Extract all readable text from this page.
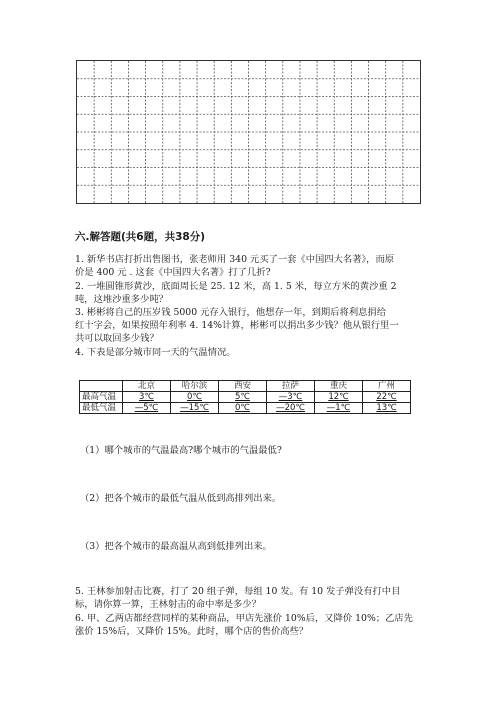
六.解答题(共6题，共38分)
1. 新华书店打折出售图书，张老师用 340 元买了一套《中国四大名著》，而原
价是 400 元 . 这套《中国四大名著》打了几折?
2. 一堆圆锥形黄沙，底面周长是 25. 12 米，高 1. 5 米，每立方米的黄沙重 2
吨，这堆沙重多少吨？
3. 彬彬将自己的压岁钱 5000 元存入银行，他想存一年，到期后将利息捐给
红十字会，如果按照年利率 4. 14%计算，彬彬可以捐出多少钱？他从银行里一
共可以取回多少钱？
4. 下表是部分城市同一天的气温情况。
	北京	哈尔滨	西安	拉萨	重庆	广州
最高气温	3℃	0℃	5℃	—3℃	12℃	22℃
最低气温	—5℃	—15℃	0℃	—20℃	—1℃	13℃
（1）哪个城市的气温最高?哪个城市的气温最低?
（2）把各个城市的最低气温从低到高排列出来。
（3）把各个城市的最高温从高到低排列出来。
5. 王林参加射击比赛，打了 20 组子弹，每组 10 发。有 10 发子弹没有打中目
标，请你算一算，王林射击的命中率是多少？
6. 甲、乙两店都经营同样的某种商品，甲店先涨价 10%后，又降价 10%；乙店先
涨价 15%后，又降价 15%。此时，哪个店的售价高些？
